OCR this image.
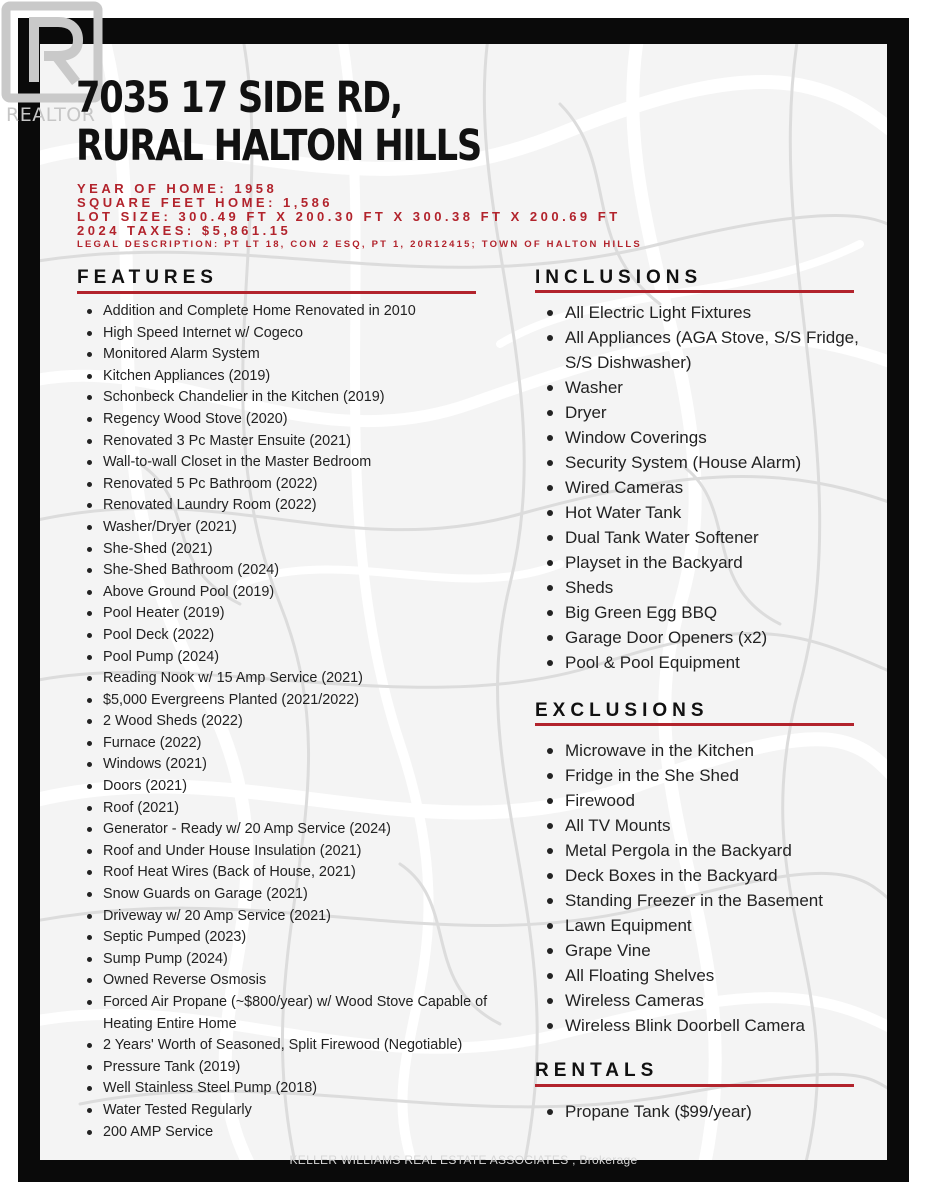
REALTOR
7035 17 SIDE RD,
RURAL HALTON HILLS
YEAR OF HOME: 1958
SQUARE FEET HOME: 1,586
LOT SIZE: 300.49 FT X 200.30 FT X 300.38 FT X 200.69 FT
2024 TAXES: $5,861.15
LEGAL DESCRIPTION: PT LT 18, CON 2 ESQ, PT 1, 20R12415; TOWN OF HALTON HILLS
FEATURES
Addition and Complete Home Renovated in 2010
High Speed Internet w/ Cogeco
Monitored Alarm System
Kitchen Appliances (2019)
Schonbeck Chandelier in the Kitchen (2019)
Regency Wood Stove (2020)
Renovated 3 Pc Master Ensuite (2021)
Wall-to-wall Closet in the Master Bedroom
Renovated 5 Pc Bathroom (2022)
Renovated Laundry Room (2022)
Washer/Dryer (2021)
She-Shed (2021)
She-Shed Bathroom (2024)
Above Ground Pool (2019)
Pool Heater (2019)
Pool Deck (2022)
Pool Pump (2024)
Reading Nook w/ 15 Amp Service (2021)
$5,000 Evergreens Planted (2021/2022)
2 Wood Sheds (2022)
Furnace (2022)
Windows (2021)
Doors (2021)
Roof (2021)
Generator - Ready w/ 20 Amp Service (2024)
Roof and Under House Insulation (2021)
Roof Heat Wires (Back of House, 2021)
Snow Guards on Garage (2021)
Driveway w/ 20 Amp Service (2021)
Septic Pumped (2023)
Sump Pump (2024)
Owned Reverse Osmosis
Forced Air Propane (~$800/year) w/ Wood Stove Capable of Heating Entire Home
2 Years' Worth of Seasoned, Split Firewood (Negotiable)
Pressure Tank (2019)
Well Stainless Steel Pump (2018)
Water Tested Regularly
200 AMP Service
INCLUSIONS
All Electric Light Fixtures
All Appliances (AGA Stove, S/S Fridge, S/S Dishwasher)
Washer
Dryer
Window Coverings
Security System (House Alarm)
Wired Cameras
Hot Water Tank
Dual Tank Water Softener
Playset in the Backyard
Sheds
Big Green Egg BBQ
Garage Door Openers (x2)
Pool & Pool Equipment
EXCLUSIONS
Microwave in the Kitchen
Fridge in the She Shed
Firewood
All TV Mounts
Metal Pergola in the Backyard
Deck Boxes in the Backyard
Standing Freezer in the Basement
Lawn Equipment
Grape Vine
All Floating Shelves
Wireless Cameras
Wireless Blink Doorbell Camera
RENTALS
Propane Tank ($99/year)
KELLER WILLIAMS REAL ESTATE ASSOCIATES , Brokerage
